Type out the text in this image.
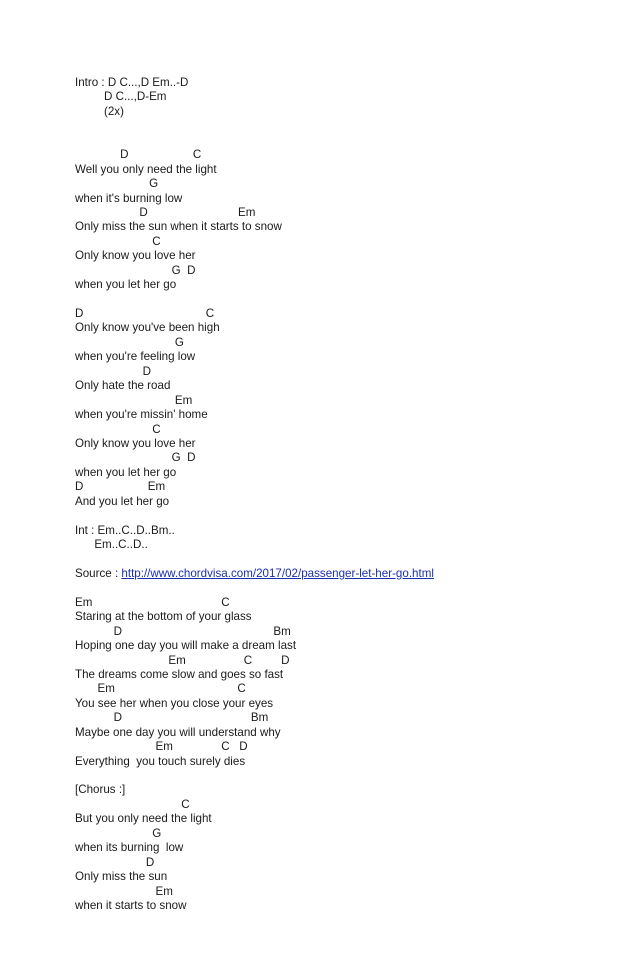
Intro : D C...,D Em..-D
D C...,D-Em
(2x)
D                    C
Well you only need the light
G
when it's burning low
D                            Em
Only miss the sun when it starts to snow
C
Only know you love her
G  D
when you let her go
D                                      C
Only know you've been high
G
when you're feeling low
D
Only hate the road
Em
when you're missin' home
C
Only know you love her
G  D
when you let her go
D                    Em
And you let her go
Int : Em..C..D..Bm..
Em..C..D..
Source : http://www.chordvisa.com/2017/02/passenger-let-her-go.html
Em                                        C
Staring at the bottom of your glass
D                                               Bm
Hoping one day you will make a dream last
Em                  C         D
The dreams come slow and goes so fast
Em                                      C
You see her when you close your eyes
D                                        Bm
Maybe one day you will understand why
Em               C   D
Everything  you touch surely dies
[Chorus :]
C
But you only need the light
G
when its burning  low
D
Only miss the sun
Em
when it starts to snow
